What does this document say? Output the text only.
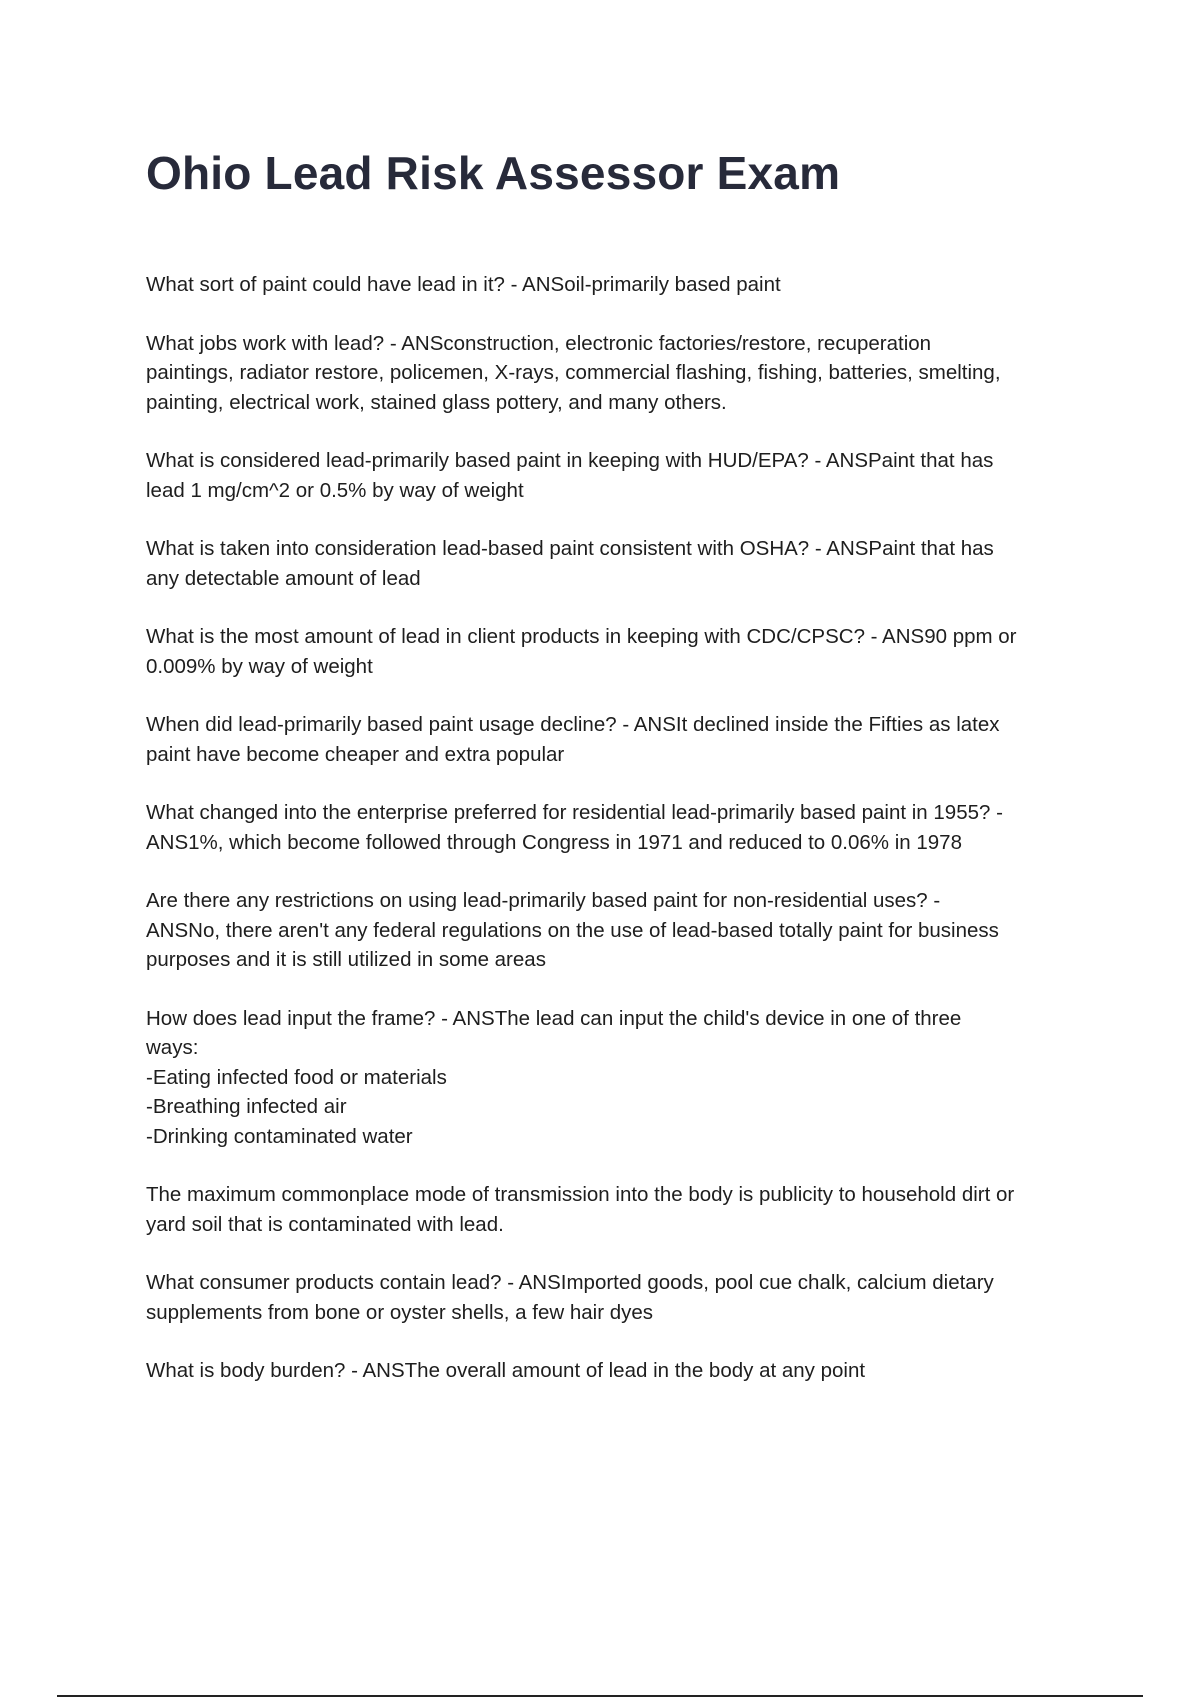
Ohio Lead Risk Assessor Exam

What sort of paint could have lead in it? - ANSoil-primarily based paint

What jobs work with lead? - ANSconstruction, electronic factories/restore, recuperation
paintings, radiator restore, policemen, X-rays, commercial flashing, fishing, batteries, smelting,
painting, electrical work, stained glass pottery, and many others.

What is considered lead-primarily based paint in keeping with HUD/EPA? - ANSPaint that has
lead 1 mg/cm^2 or 0.5% by way of weight

What is taken into consideration lead-based paint consistent with OSHA? - ANSPaint that has
any detectable amount of lead

What is the most amount of lead in client products in keeping with CDC/CPSC? - ANS90 ppm or
0.009% by way of weight

When did lead-primarily based paint usage decline? - ANSIt declined inside the Fifties as latex
paint have become cheaper and extra popular

What changed into the enterprise preferred for residential lead-primarily based paint in 1955? -
ANS1%, which become followed through Congress in 1971 and reduced to 0.06% in 1978

Are there any restrictions on using lead-primarily based paint for non-residential uses? -
ANSNo, there aren't any federal regulations on the use of lead-based totally paint for business
purposes and it is still utilized in some areas

How does lead input the frame? - ANSThe lead can input the child's device in one of three
ways:
-Eating infected food or materials
-Breathing infected air
-Drinking contaminated water

The maximum commonplace mode of transmission into the body is publicity to household dirt or
yard soil that is contaminated with lead.

What consumer products contain lead? - ANSImported goods, pool cue chalk, calcium dietary
supplements from bone or oyster shells, a few hair dyes

What is body burden? - ANSThe overall amount of lead in the body at any point
